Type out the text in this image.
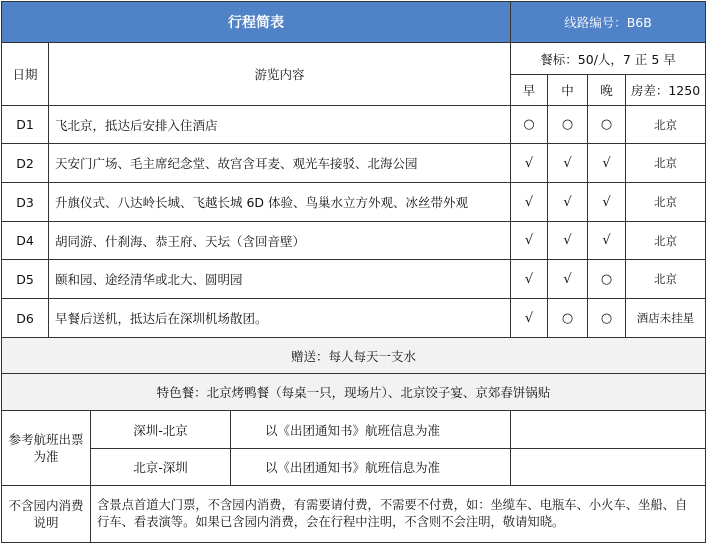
行程简表				线路编号：B6B			
日期	游览内容			餐标：50/人，7 正 5 早			
				早	中	晚	房差：1250
D1	飞北京，抵达后安排入住酒店			○	○	○	北京
D2	天安门广场、毛主席纪念堂、故宫含耳麦、观光车接驳、北海公园			√	√	√	北京
D3	升旗仪式、八达岭长城、飞越长城 6D 体验、鸟巢水立方外观、冰丝带外观			√	√	√	北京
D4	胡同游、什刹海、恭王府、天坛（含回音壁）			√	√	√	北京
D5	颐和园、途经清华或北大、圆明园			√	√	○	北京
D6	早餐后送机，抵达后在深圳机场散团。			√	○	○	酒店未挂星
赠送：每人每天一支水							
特色餐：北京烤鸭餐（每桌一只，现场片）、北京饺子宴、京郊春饼锅贴							
参考航班出票为准		深圳-北京	以《出团通知书》航班信息为准				
		北京-深圳	以《出团通知书》航班信息为准				
不含园内消费说明		含景点首道大门票，不含园内消费，有需要请付费，不需要不付费，如：坐缆车、电瓶车、小火车、坐船、自行车、看表演等。如果已含园内消费，会在行程中注明，不含则不会注明，敬请知晓。					
